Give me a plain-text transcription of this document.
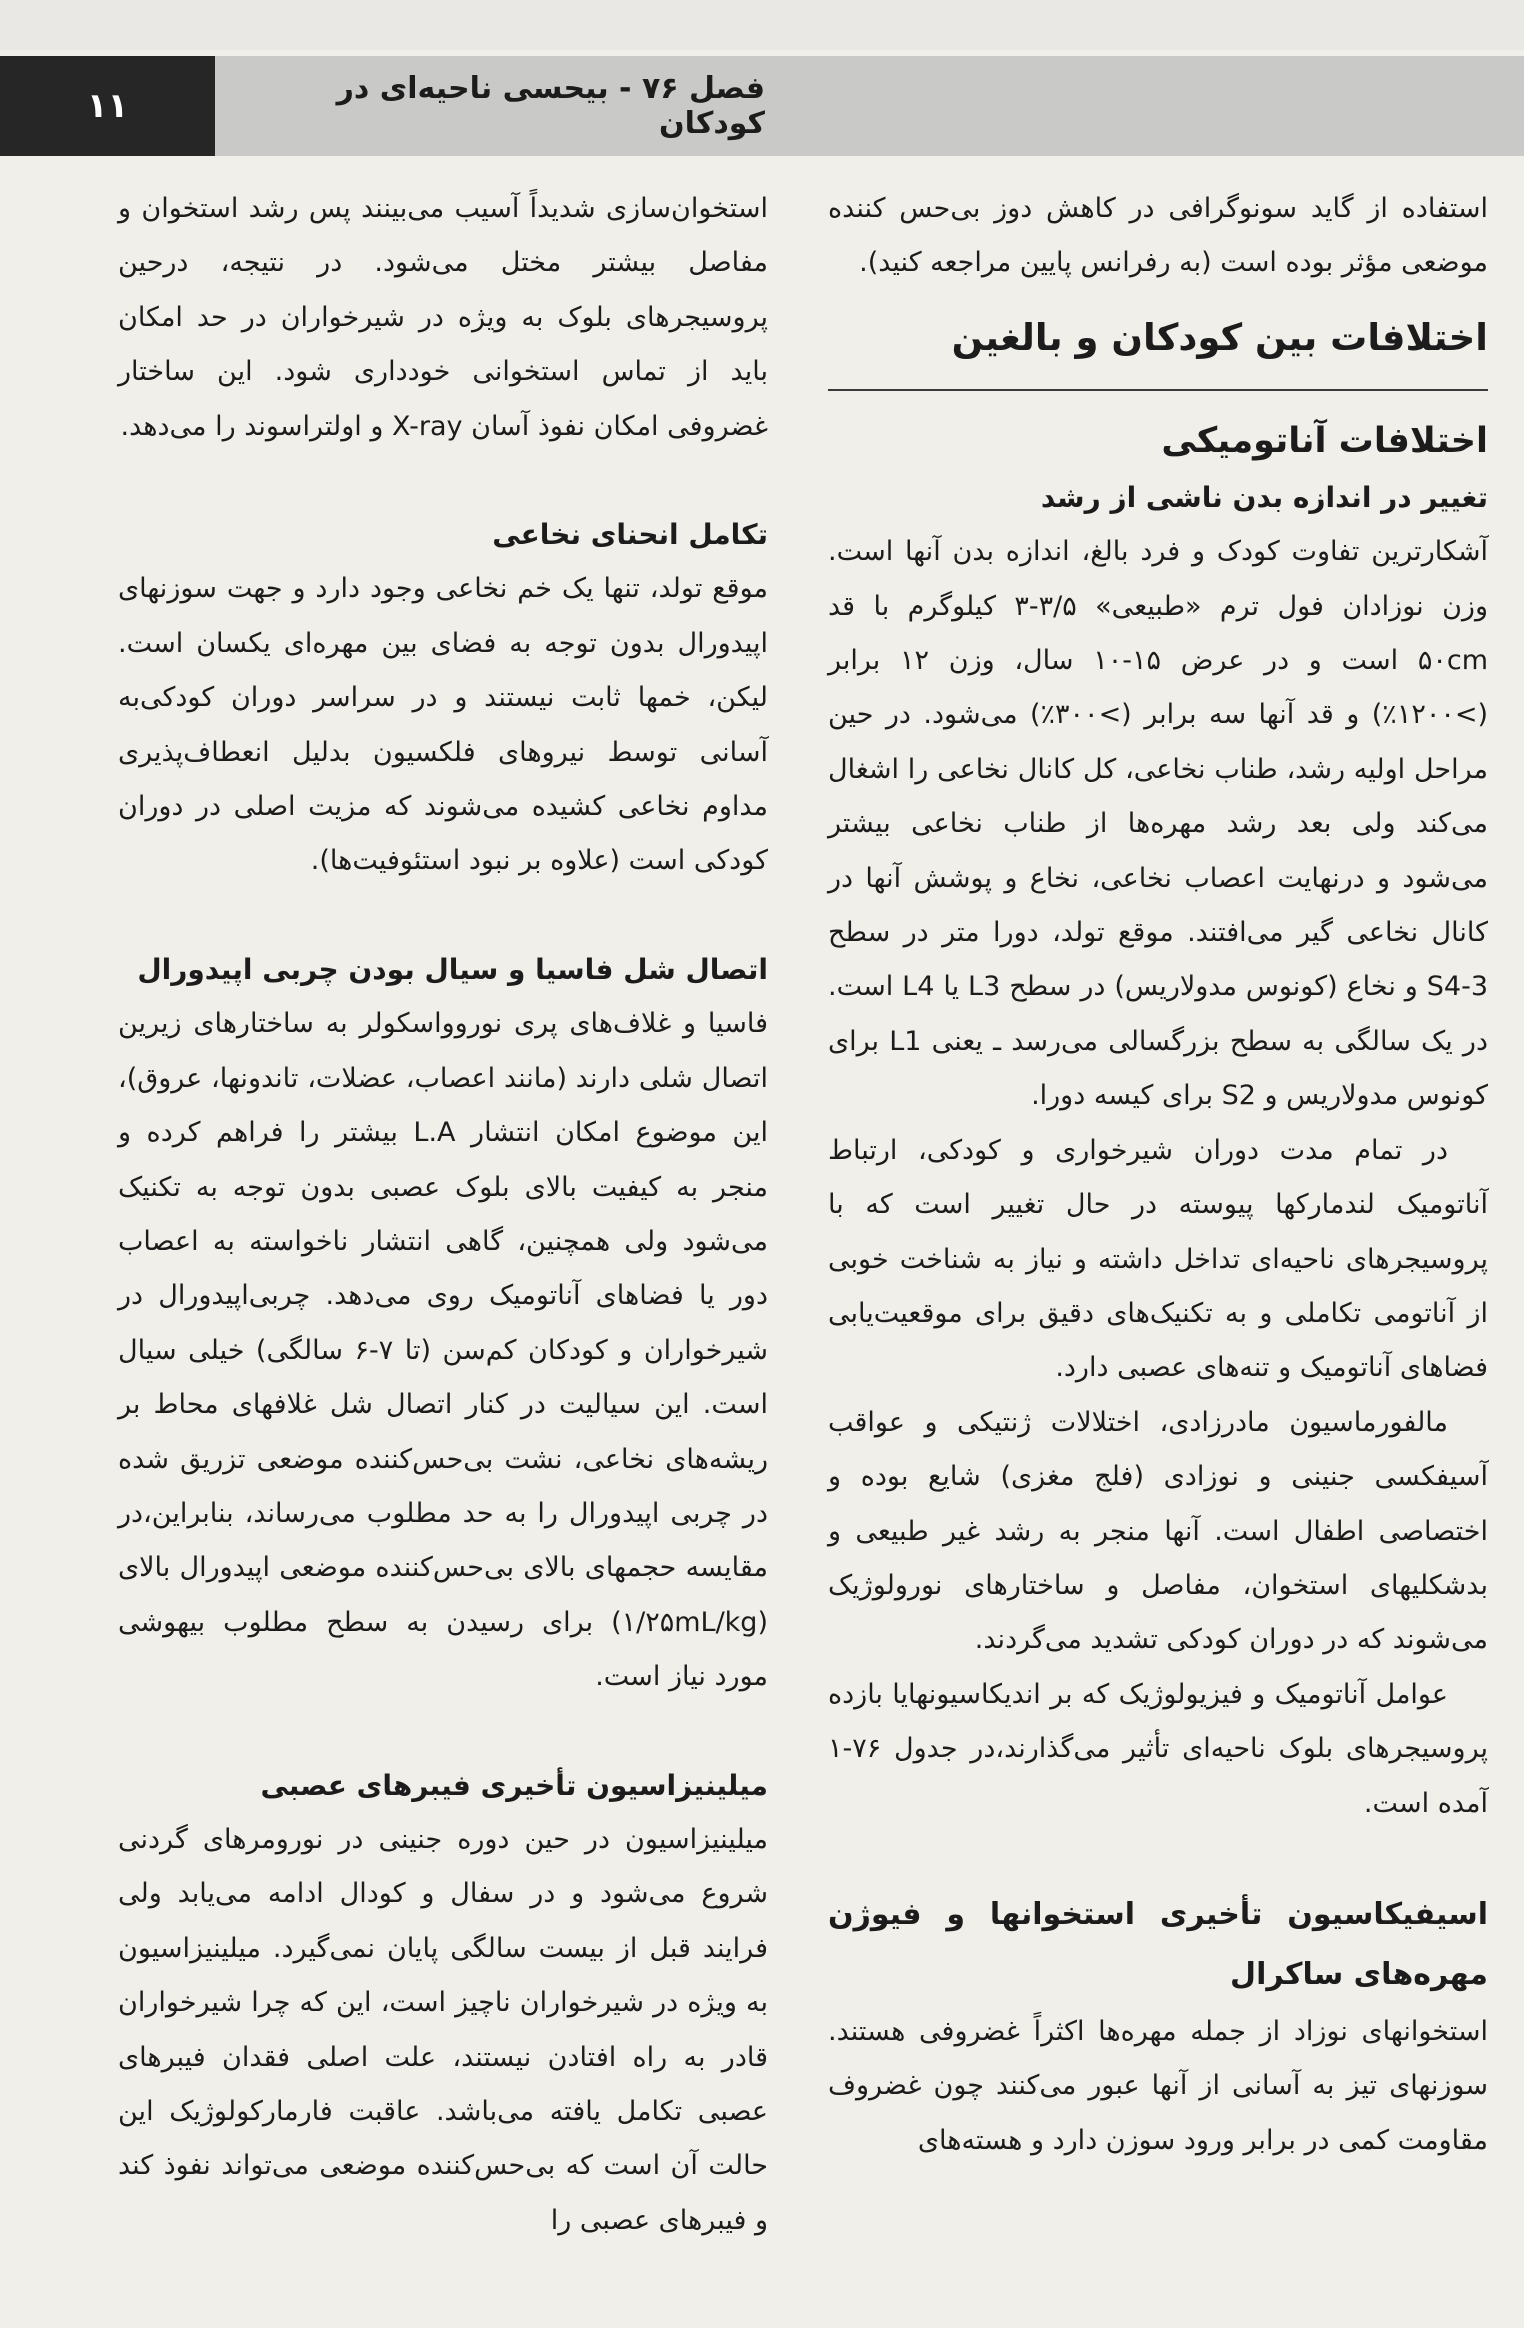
۱۱	فصل ۷۶ - بیحسی ناحیه‌ای در کودکان

استفاده از گاید سونوگرافی در کاهش دوز بی‌حس کننده موضعی مؤثر بوده است (به رفرانس پایین مراجعه کنید).

اختلافات بین کودکان و بالغین
اختلافات آناتومیکی
تغییر در اندازه بدن ناشی از رشد

آشکارترین تفاوت کودک و فرد بالغ، اندازه بدن آنها است. وزن نوزادان فول ترم «طبیعی» ۳/۵-۳ کیلوگرم با قد ۵۰cm است و در عرض ۱۵-۱۰ سال، وزن ۱۲ برابر (>۱۲۰۰٪) و قد آنها سه برابر (>۳۰۰٪) می‌شود. در حین مراحل اولیه رشد، طناب نخاعی، کل کانال نخاعی را اشغال می‌کند ولی بعد رشد مهره‌ها از طناب نخاعی بیشتر می‌شود و درنهایت اعصاب نخاعی، نخاع و پوشش آنها در کانال نخاعی گیر می‌افتند. موقع تولد، دورا متر در سطح S4-3 و نخاع (کونوس مدولاریس) در سطح L3 یا L4 است. در یک سالگی به سطح بزرگسالی می‌رسد ـ یعنی L1 برای کونوس مدولاریس و S2 برای کیسه دورا.

در تمام مدت دوران شیرخواری و کودکی، ارتباط آناتومیک لندمارکها پیوسته در حال تغییر است که با پروسیجرهای ناحیه‌ای تداخل داشته و نیاز به شناخت خوبی از آناتومی تکاملی و به تکنیک‌های دقیق برای موقعیت‌یابی فضاهای آناتومیک و تنه‌های عصبی دارد.

مالفورماسیون مادرزادی، اختلالات ژنتیکی و عواقب آسیفکسی جنینی و نوزادی (فلج مغزی) شایع بوده و اختصاصی اطفال است. آنها منجر به رشد غیر طبیعی و بدشکلیهای استخوان، مفاصل و ساختارهای نورولوژیک می‌شوند که در دوران کودکی تشدید می‌گردند.

عوامل آناتومیک و فیزیولوژیک که بر اندیکاسیونهایا بازده پروسیجرهای بلوک ناحیه‌ای تأثیر می‌گذارند،در جدول ۷۶-۱ آمده است.

اسیفیکاسیون تأخیری استخوانها و فیوژن مهره‌های ساکرال

استخوانهای نوزاد از جمله مهره‌ها اکثراً غضروفی هستند. سوزنهای تیز به آسانی از آنها عبور می‌کنند چون غضروف مقاومت کمی در برابر ورود سوزن دارد و هسته‌های

استخوان‌سازی شدیداً آسیب می‌بینند پس رشد استخوان و مفاصل بیشتر مختل می‌شود. در نتیجه، درحین پروسیجرهای بلوک به ویژه در شیرخواران در حد امکان باید از تماس استخوانی خودداری شود. این ساختار غضروفی امکان نفوذ آسان X-ray و اولتراسوند را می‌دهد.

تکامل انحنای نخاعی

موقع تولد، تنها یک خم نخاعی وجود دارد و جهت سوزنهای اپیدورال بدون توجه به فضای بین مهره‌ای یکسان است. لیکن، خمها ثابت نیستند و در سراسر دوران کودکی‌به آسانی توسط نیروهای فلکسیون بدلیل انعطاف‌پذیری مداوم نخاعی کشیده می‌شوند که مزیت اصلی در دوران کودکی است (علاوه بر نبود استئوفیت‌ها).

اتصال شل فاسیا و سیال بودن چربی اپیدورال

فاسیا و غلاف‌های پری نوروواسکولر به ساختارهای زیرین اتصال شلی دارند (مانند اعصاب، عضلات، تاندونها، عروق)، این موضوع امکان انتشار L.A بیشتر را فراهم کرده و منجر به کیفیت بالای بلوک عصبی بدون توجه به تکنیک می‌شود ولی همچنین، گاهی انتشار ناخواسته به اعصاب دور یا فضاهای آناتومیک روی می‌دهد. چربی‌اپیدورال در شیرخواران و کودکان کم‌سن (تا ۷-۶ سالگی) خیلی سیال است. این سیالیت در کنار اتصال شل غلافهای محاط بر ریشه‌های نخاعی، نشت بی‌حس‌کننده موضعی تزریق شده در چربی اپیدورال را به حد مطلوب می‌رساند، بنابراین،در مقایسه حجمهای بالای بی‌حس‌کننده موضعی اپیدورال بالای (۱/۲۵mL/kg) برای رسیدن به سطح مطلوب بیهوشی مورد نیاز است.

میلینیزاسیون تأخیری فیبرهای عصبی

میلینیزاسیون در حین دوره جنینی در نورومرهای گردنی شروع می‌شود و در سفال و کودال ادامه می‌یابد ولی فرایند قبل از بیست سالگی پایان نمی‌گیرد. میلینیزاسیون به ویژه در شیرخواران ناچیز است، این که چرا شیرخواران قادر به راه افتادن نیستند، علت اصلی فقدان فیبرهای عصبی تکامل یافته می‌باشد. عاقبت فارمارکولوژیک این حالت آن است که بی‌حس‌کننده موضعی می‌تواند نفوذ کند و فیبرهای عصبی را
